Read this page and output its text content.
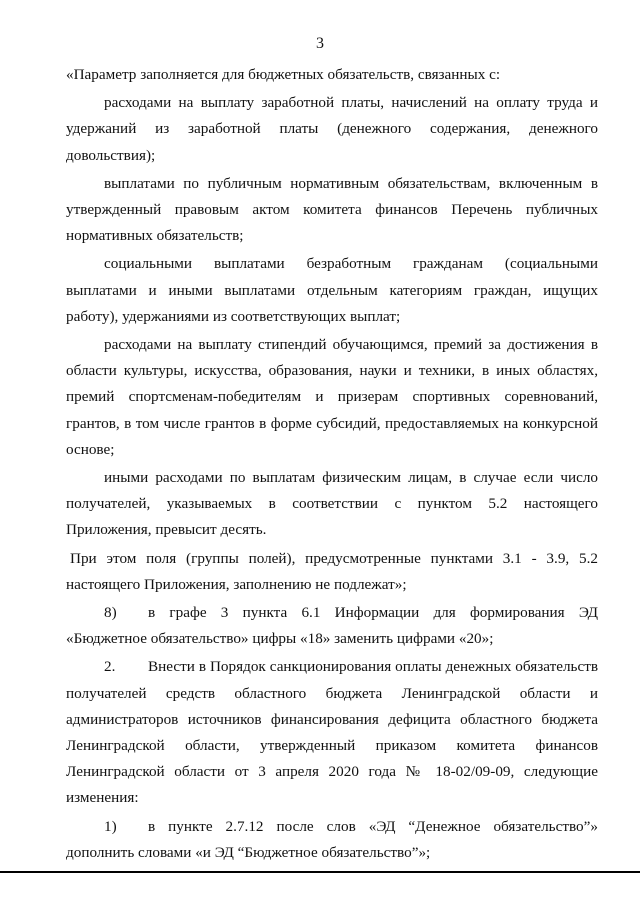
3

«Параметр заполняется для бюджетных обязательств, связанных с:

расходами на выплату заработной платы, начислений на оплату труда и удержаний из заработной платы (денежного содержания, денежного довольствия);

выплатами по публичным нормативным обязательствам, включенным в утвержденный правовым актом комитета финансов Перечень публичных нормативных обязательств;

социальными выплатами безработным гражданам (социальными выплатами и иными выплатами отдельным категориям граждан, ищущих работу), удержаниями из соответствующих выплат;

расходами на выплату стипендий обучающимся, премий за достижения в области культуры, искусства, образования, науки и техники, в иных областях, премий спортсменам-победителям и призерам спортивных соревнований, грантов, в том числе грантов в форме субсидий, предоставляемых на конкурсной основе;

иными расходами по выплатам физическим лицам, в случае если число получателей, указываемых в соответствии с пунктом 5.2 настоящего Приложения, превысит десять.

При этом поля (группы полей), предусмотренные пунктами 3.1 - 3.9, 5.2 настоящего Приложения, заполнению не подлежат»;

8) в графе 3 пункта 6.1 Информации для формирования ЭД «Бюджетное обязательство» цифры «18» заменить цифрами «20»;

2. Внести в Порядок санкционирования оплаты денежных обязательств получателей средств областного бюджета Ленинградской области и администраторов источников финансирования дефицита областного бюджета Ленинградской области, утвержденный приказом комитета финансов Ленинградской области от 3 апреля 2020 года № 18-02/09-09, следующие изменения:

1) в пункте 2.7.12 после слов «ЭД “Денежное обязательство”» дополнить словами «и ЭД “Бюджетное обязательство”»;
